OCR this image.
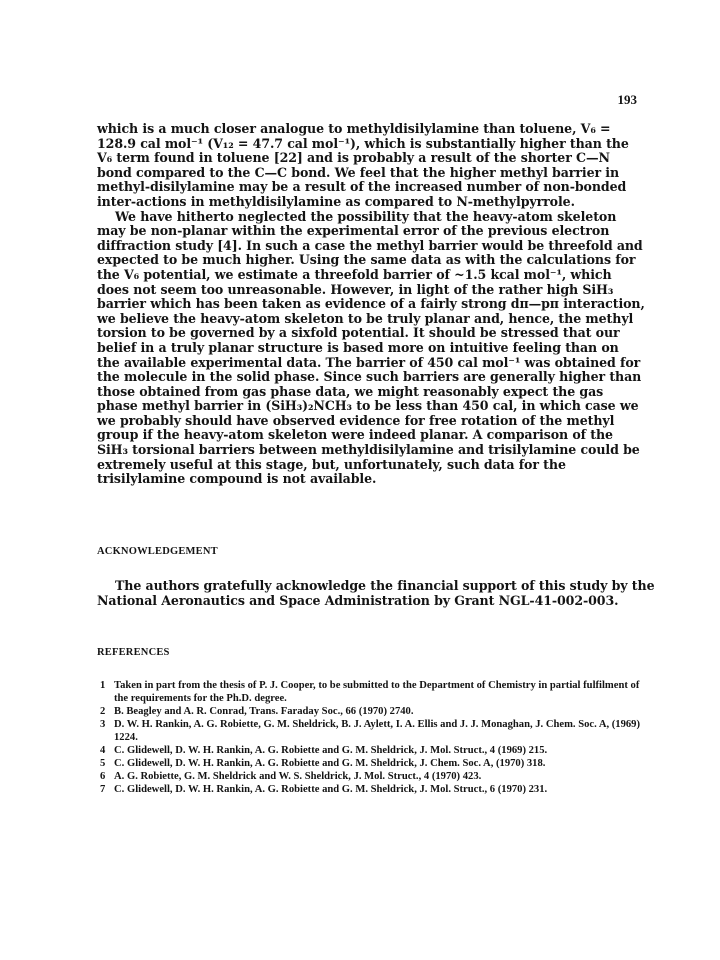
193

which is a much closer analogue to methyldisilylamine than toluene, V₆ = 128.9 cal mol⁻¹ (V₁₂ = 47.7 cal mol⁻¹), which is substantially higher than the V₆ term found in toluene [22] and is probably a result of the shorter C—N bond compared to the C—C bond. We feel that the higher methyl barrier in methyl-disilylamine may be a result of the increased number of non-bonded inter-actions in methyldisilylamine as compared to N-methylpyrrole.

We have hitherto neglected the possibility that the heavy-atom skeleton may be non-planar within the experimental error of the previous electron diffraction study [4]. In such a case the methyl barrier would be threefold and expected to be much higher. Using the same data as with the calculations for the V₆ potential, we estimate a threefold barrier of ~1.5 kcal mol⁻¹, which does not seem too unreasonable. However, in light of the rather high SiH₃ barrier which has been taken as evidence of a fairly strong dπ—pπ interaction, we believe the heavy-atom skeleton to be truly planar and, hence, the methyl torsion to be governed by a sixfold potential. It should be stressed that our belief in a truly planar structure is based more on intuitive feeling than on the available experimental data. The barrier of 450 cal mol⁻¹ was obtained for the molecule in the solid phase. Since such barriers are generally higher than those obtained from gas phase data, we might reasonably expect the gas phase methyl barrier in (SiH₃)₂NCH₃ to be less than 450 cal, in which case we we probably should have observed evidence for free rotation of the methyl group if the heavy-atom skeleton were indeed planar. A comparison of the SiH₃ torsional barriers between methyldisilylamine and trisilylamine could be extremely useful at this stage, but, unfortunately, such data for the trisilylamine compound is not available.

ACKNOWLEDGEMENT

The authors gratefully acknowledge the financial support of this study by the National Aeronautics and Space Administration by Grant NGL-41-002-003.

REFERENCES
1 Taken in part from the thesis of P. J. Cooper, to be submitted to the Department of Chemistry in partial fulfilment of the requirements for the Ph.D. degree.
2 B. Beagley and A. R. Conrad, Trans. Faraday Soc., 66 (1970) 2740.
3 D. W. H. Rankin, A. G. Robiette, G. M. Sheldrick, B. J. Aylett, I. A. Ellis and J. J. Monaghan, J. Chem. Soc. A, (1969) 1224.
4 C. Glidewell, D. W. H. Rankin, A. G. Robiette and G. M. Sheldrick, J. Mol. Struct., 4 (1969) 215.
5 C. Glidewell, D. W. H. Rankin, A. G. Robiette and G. M. Sheldrick, J. Chem. Soc. A, (1970) 318.
6 A. G. Robiette, G. M. Sheldrick and W. S. Sheldrick, J. Mol. Struct., 4 (1970) 423.
7 C. Glidewell, D. W. H. Rankin, A. G. Robiette and G. M. Sheldrick, J. Mol. Struct., 6 (1970) 231.
